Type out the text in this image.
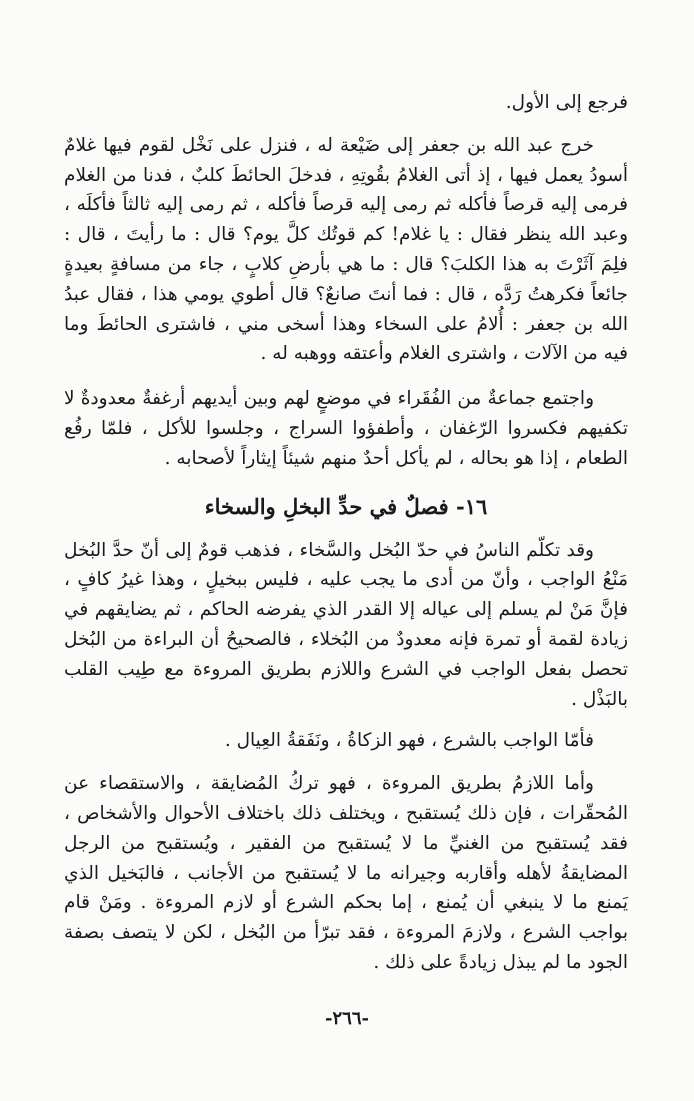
فرجع إلى الأول.

خرج عبد الله بن جعفر إلى ضَيْعة له ، فنزل على نَخْل لقوم فيها غلامٌ أسودُ يعمل فيها ، إذ أتى الغلامُ بقُوتِهِ ، فدخلَ الحائطَ كلبٌ ، فدنا من الغلام فرمى إليه قرصاً فأكله ثم رمى إليه قرصاً فأكله ، ثم رمى إليه ثالثاً فأكلَه ، وعبد الله ينظر فقال : يا غلام! كم قوتُك كلَّ يوم؟ قال : ما رأيتَ ، قال : فلِمَ آثَرْتَ به هذا الكلبَ؟ قال : ما هي بأرضِ كلابٍ ، جاء من مسافةٍ بعيدةٍ جائعاً فكرهتُ رَدَّه ، قال : فما أنتَ صانعٌ؟ قال أطوي يومي هذا ، فقال عبدُ الله بن جعفر : أُلامُ على السخاء وهذا أسخى مني ، فاشترى الحائطَ وما فيه من الآلات ، واشترى الغلام وأعتقه ووهبه له .

واجتمع جماعةٌ من الفُقَراء في موضعٍ لهم وبين أيديهم أرغفةٌ معدودةٌ لا تكفيهم فكسروا الرّغفان ، وأطفؤوا السراج ، وجلسوا للأكل ، فلمّا رفُع الطعام ، إذا هو بحاله ، لم يأكل أحدٌ منهم شيئاً إيثاراً لأصحابه .

١٦- فصلٌ في حدِّ البخلِ والسخاء

وقد تكلّم الناسُ في حدّ البُخل والسَّخاء ، فذهب قومٌ إلى أنّ حدَّ البُخل مَنْعُ الواجب ، وأنّ من أدى ما يجب عليه ، فليس ببخيلٍ ، وهذا غيرُ كافٍ ، فإنَّ مَنْ لم يسلم إلى عياله إلا القدر الذي يفرضه الحاكم ، ثم يضايقهم في زيادة لقمة أو تمرة فإنه معدودٌ من البُخلاء ، فالصحيحُ أن البراءة من البُخل تحصل بفعل الواجب في الشرع واللازم بطريق المروءة مع طِيب القلب بالبَذْل .

فأمّا الواجب بالشرع ، فهو الزكاةُ ، ونَفَقةُ العِيال .

وأما اللازمُ بطريق المروءة ، فهو تركُ المُضايقة ، والاستقصاء عن المُحقّرات ، فإن ذلك يُستقبح ، ويختلف ذلك باختلاف الأحوال والأشخاص ، فقد يُستقبح من الغنيِّ ما لا يُستقبح من الفقير ، ويُستقبح من الرجل المضايقةُ لأهله وأقاربه وجيرانه ما لا يُستقبح من الأجانب ، فالبَخيل الذي يَمنع ما لا ينبغي أن يُمنع ، إما بحكم الشرع أو لازم المروءة . ومَنْ قام بواجب الشرع ، ولازمَ المروءة ، فقد تبرّأ من البُخل ، لكن لا يتصف بصفة الجود ما لم يبذل زيادةً على ذلك .

-٢٦٦-
